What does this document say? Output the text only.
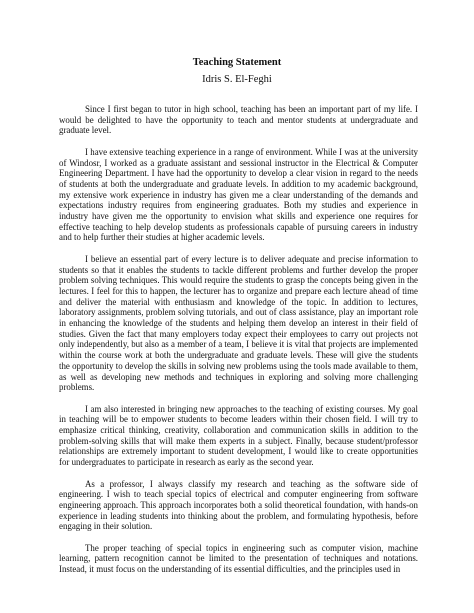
Teaching Statement
Idris S. El-Feghi

Since I first began to tutor in high school, teaching has been an important part of my life. I would be delighted to have the opportunity to teach and mentor students at undergraduate and graduate level.

I have extensive teaching experience in a range of environment. While I was at the university of Windosr, I worked as a graduate assistant and sessional instructor in the Electrical & Computer Engineering Department. I have had the opportunity to develop a clear vision in regard to the needs of students at both the undergraduate and graduate levels. In addition to my academic background, my extensive work experience in industry has given me a clear understanding of the demands and expectations industry requires from engineering graduates. Both my studies and experience in industry have given me the opportunity to envision what skills and experience one requires for effective teaching to help develop students as professionals capable of pursuing careers in industry and to help further their studies at higher academic levels.

I believe an essential part of every lecture is to deliver adequate and precise information to students so that it enables the students to tackle different problems and further develop the proper problem solving techniques. This would require the students to grasp the concepts being given in the lectures. I feel for this to happen, the lecturer has to organize and prepare each lecture ahead of time and deliver the material with enthusiasm and knowledge of the topic. In addition to lectures, laboratory assignments, problem solving tutorials, and out of class assistance, play an important role in enhancing the knowledge of the students and helping them develop an interest in their field of studies. Given the fact that many employers today expect their employees to carry out projects not only independently, but also as a member of a team, I believe it is vital that projects are implemented within the course work at both the undergraduate and graduate levels. These will give the students the opportunity to develop the skills in solving new problems using the tools made available to them, as well as developing new methods and techniques in exploring and solving more challenging problems.

I am also interested in bringing new approaches to the teaching of existing courses. My goal in teaching will be to empower students to become leaders within their chosen field. I will try to emphasize critical thinking, creativity, collaboration and communication skills in addition to the problem-solving skills that will make them experts in a subject. Finally, because student/professor relationships are extremely important to student development, I would like to create opportunities for undergraduates to participate in research as early as the second year.

As a professor, I always classify my research and teaching as the software side of engineering. I wish to teach special topics of electrical and computer engineering from software engineering approach. This approach incorporates both a solid theoretical foundation, with hands-on experience in leading students into thinking about the problem, and formulating hypothesis, before engaging in their solution.

The proper teaching of special topics in engineering such as computer vision, machine learning, pattern recognition cannot be limited to the presentation of techniques and notations. Instead, it must focus on the understanding of its essential difficulties, and the principles used in
